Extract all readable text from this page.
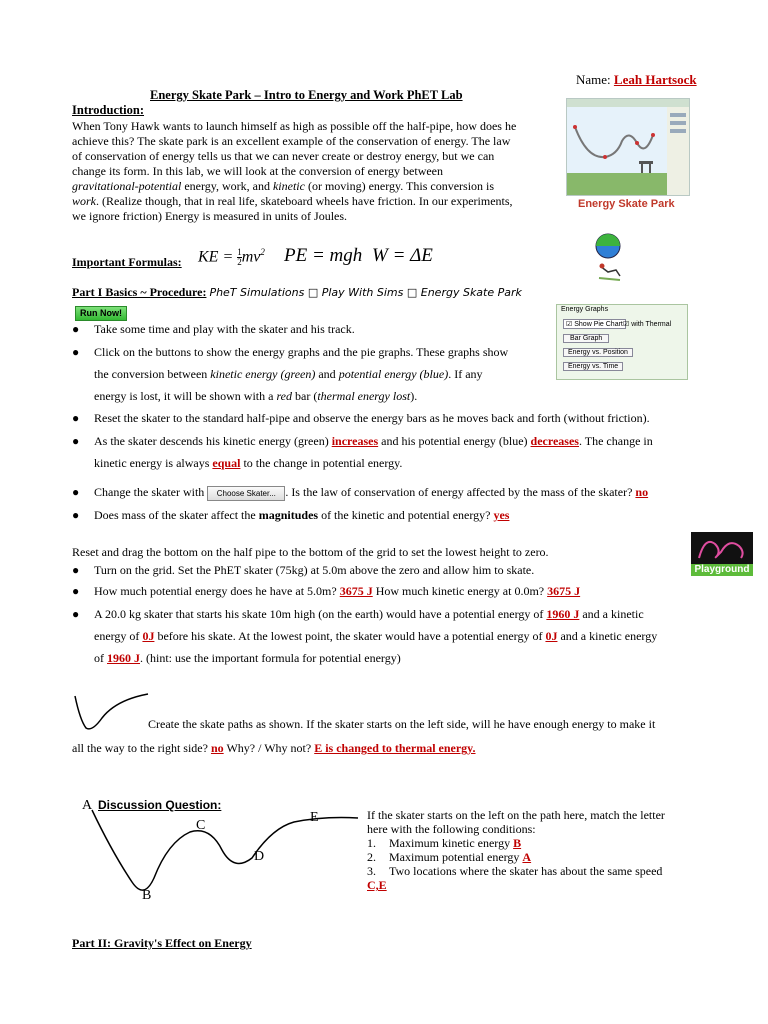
Name: Leah Hartsock
Energy Skate Park – Intro to Energy and Work PhET Lab
Introduction:
When Tony Hawk wants to launch himself as high as possible off the half-pipe, how does he
achieve this? The skate park is an excellent example of the conservation of energy. The law
of conservation of energy tells us that we can never create or destroy energy, but we can
change its form. In this lab, we will look at the conversion of energy between
gravitational-potential energy, work, and kinetic (or moving) energy. This conversion is
work. (Realize though, that in real life, skateboard wheels have friction. In our experiments,
we ignore friction) Energy is measured in units of Joules.
Energy Skate Park
Important Formulas: KE = $\frac{1}{2} mv^2$ PE = mgh W = ΔE
Part I Basics ~ Procedure: PheT Simulations □ Play With Sims □ Energy Skate Park
Run Now!	Energy Graphs
☑ Show Pie Chart ☑ with Thermal
Bar Graph
Energy vs. Position
Energy vs. Time
● Take some time and play with the skater and his track.
● Click on the buttons to show the energy graphs and the pie graphs. These graphs show
the conversion between kinetic energy (green) and potential energy (blue). If any
energy is lost, it will be shown with a red bar (thermal energy lost).
● Reset the skater to the standard half-pipe and observe the energy bars as he moves back and forth (without friction).
● As the skater descends his kinetic energy (green) increases and his potential energy (blue) decreases. The change in
kinetic energy is always equal to the change in potential energy.
● Change the skater with Choose Skater... . Is the law of conservation of energy affected by the mass of the skater? no
● Does mass of the skater affect the magnitudes of the kinetic and potential energy? yes
Playground
Reset and drag the bottom on the half pipe to the bottom of the grid to set the lowest height to zero.
● Turn on the grid. Set the PhET skater (75kg) at 5.0m above the zero and allow him to skate.
● How much potential energy does he have at 5.0m? 3675 J How much kinetic energy at 0.0m? 3675 J
● A 20.0 kg skater that starts his skate 10m high (on the earth) would have a potential energy of 1960 J and a kinetic
energy of 0J before his skate. At the lowest point, the skater would have a potential energy of 0J and a kinetic energy
of 1960 J. (hint: use the important formula for potential energy)
Create the skate paths as shown. If the skater starts on the left side, will he have enough energy to make it
all the way to the right side? no Why? / Why not? E is changed to thermal energy.
Discussion Question:
A
C
D
E
B
If the skater starts on the left on the path here, match the letter
here with the following conditions:
1. Maximum kinetic energy B
2. Maximum potential energy A
3. Two locations where the skater has about the same speed
C,E
Part II: Gravity's Effect on Energy
